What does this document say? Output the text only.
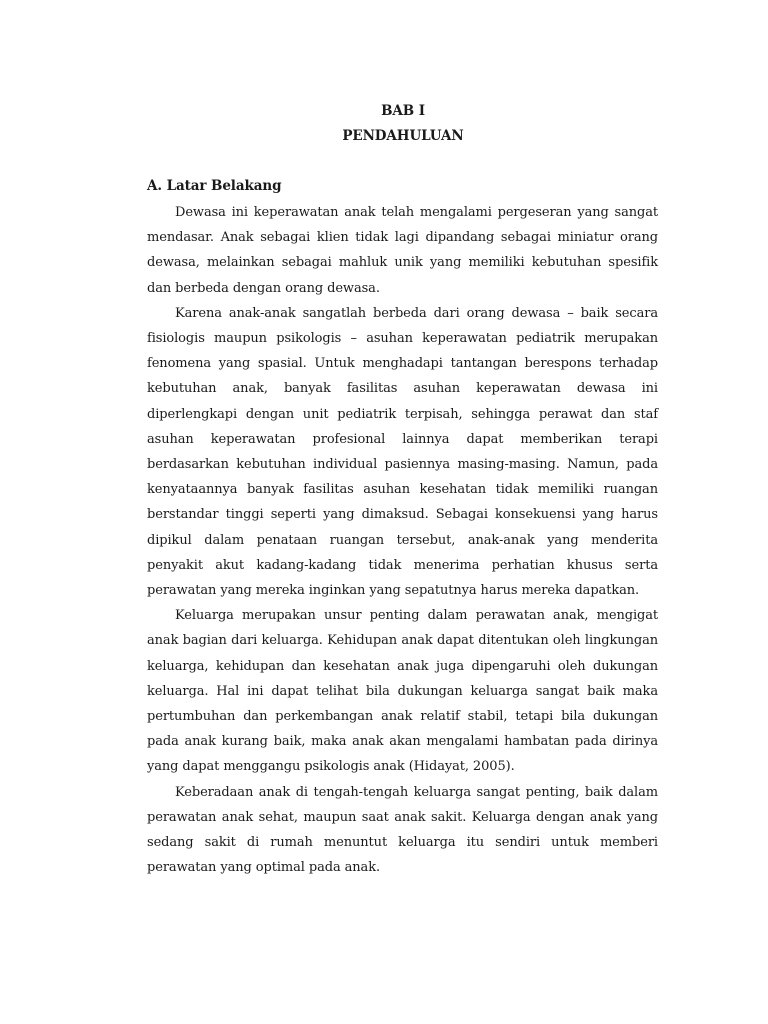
BAB I
PENDAHULUAN
A. Latar Belakang

Dewasa ini keperawatan anak telah mengalami pergeseran yang sangat mendasar. Anak sebagai klien tidak lagi dipandang sebagai miniatur orang dewasa, melainkan sebagai mahluk unik yang memiliki kebutuhan spesifik dan berbeda dengan orang dewasa.

Karena anak-anak sangatlah berbeda dari orang dewasa – baik secara fisiologis maupun psikologis – asuhan keperawatan pediatrik merupakan fenomena yang spasial. Untuk menghadapi tantangan berespons terhadap kebutuhan anak, banyak fasilitas asuhan keperawatan dewasa ini diperlengkapi dengan unit pediatrik terpisah, sehingga perawat dan staf asuhan keperawatan profesional lainnya dapat memberikan terapi berdasarkan kebutuhan individual pasiennya masing-masing. Namun, pada kenyataannya banyak fasilitas asuhan kesehatan tidak memiliki ruangan berstandar tinggi seperti yang dimaksud. Sebagai konsekuensi yang harus dipikul dalam penataan ruangan tersebut, anak-anak yang menderita penyakit akut kadang-kadang tidak menerima perhatian khusus serta perawatan yang mereka inginkan yang sepatutnya harus mereka dapatkan.

Keluarga merupakan unsur penting dalam perawatan anak, mengigat anak bagian dari keluarga. Kehidupan anak dapat ditentukan oleh lingkungan keluarga, kehidupan dan kesehatan anak juga dipengaruhi oleh dukungan keluarga. Hal ini dapat telihat bila dukungan keluarga sangat baik maka pertumbuhan dan perkembangan anak relatif stabil, tetapi bila dukungan pada anak kurang baik, maka anak akan mengalami hambatan pada dirinya yang dapat menggangu psikologis anak (Hidayat, 2005).

Keberadaan anak di tengah-tengah keluarga sangat penting, baik dalam perawatan anak sehat, maupun saat anak sakit. Keluarga dengan anak yang sedang sakit di rumah menuntut keluarga itu sendiri untuk memberi perawatan yang optimal pada anak.
